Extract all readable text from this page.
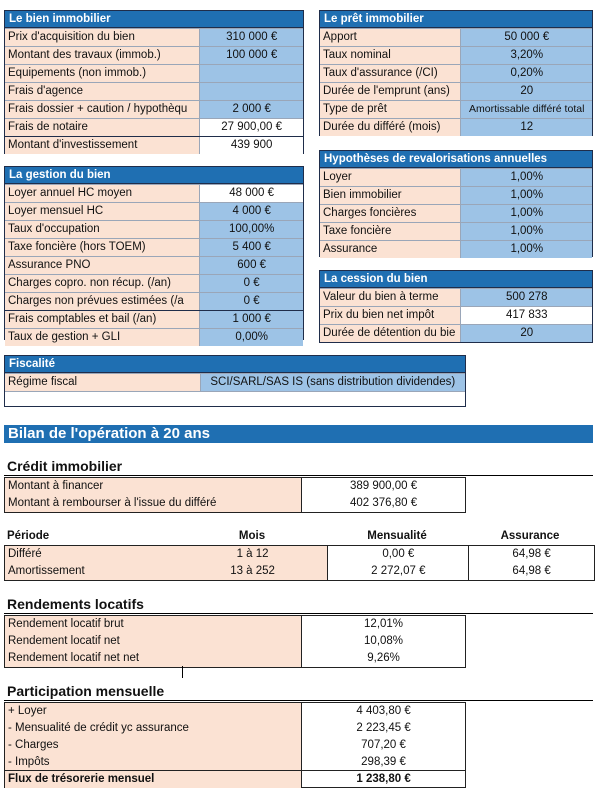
Le bien immobilier
Prix d'acquisition du bien	310 000 €
Montant des travaux (immob.)	100 000 €
Equipements (non immob.)
Frais d'agence
Frais dossier + caution / hypothèqu	2 000 €
Frais de notaire	27 900,00 €
Montant d'investissement	439 900
Le prêt immobilier
Apport	50 000 €
Taux nominal	3,20%
Taux d'assurance (/CI)	0,20%
Durée de l'emprunt (ans)	20
Type de prêt	Amortissable différé total
Durée du différé (mois)	12
La gestion du bien
Loyer annuel HC moyen	48 000 €
Loyer mensuel HC	4 000 €
Taux d'occupation	100,00%
Taxe foncière (hors TOEM)	5 400 €
Assurance PNO	600 €
Charges copro. non récup. (/an)	0 €
Charges non prévues estimées (/a	0 €
Frais comptables et bail (/an)	1 000 €
Taux de gestion + GLI	0,00%
Hypothèses de revalorisations annuelles
Loyer	1,00%
Bien immobilier	1,00%
Charges foncières	1,00%
Taxe foncière	1,00%
Assurance	1,00%
La cession du bien
Valeur du bien à terme	500 278
Prix du bien net impôt	417 833
Durée de détention du bie	20
Fiscalité
Régime fiscal	SCI/SARL/SAS IS (sans distribution dividendes)
Bilan de l'opération à 20 ans
Crédit immobilier
Montant à financer	389 900,00 €
Montant à rembourser à l'issue du différé	402 376,80 €
Période	Mois	Mensualité	Assurance
Différé	1 à 12	0,00 €	64,98 €
Amortissement	13 à 252	2 272,07 €	64,98 €
Rendements locatifs
Rendement locatif brut	12,01%
Rendement locatif net	10,08%
Rendement locatif net net	9,26%
Participation mensuelle
+ Loyer	4 403,80 €
- Mensualité de crédit yc assurance	2 223,45 €
- Charges	707,20 €
- Impôts	298,39 €
Flux de trésorerie mensuel	1 238,80 €
